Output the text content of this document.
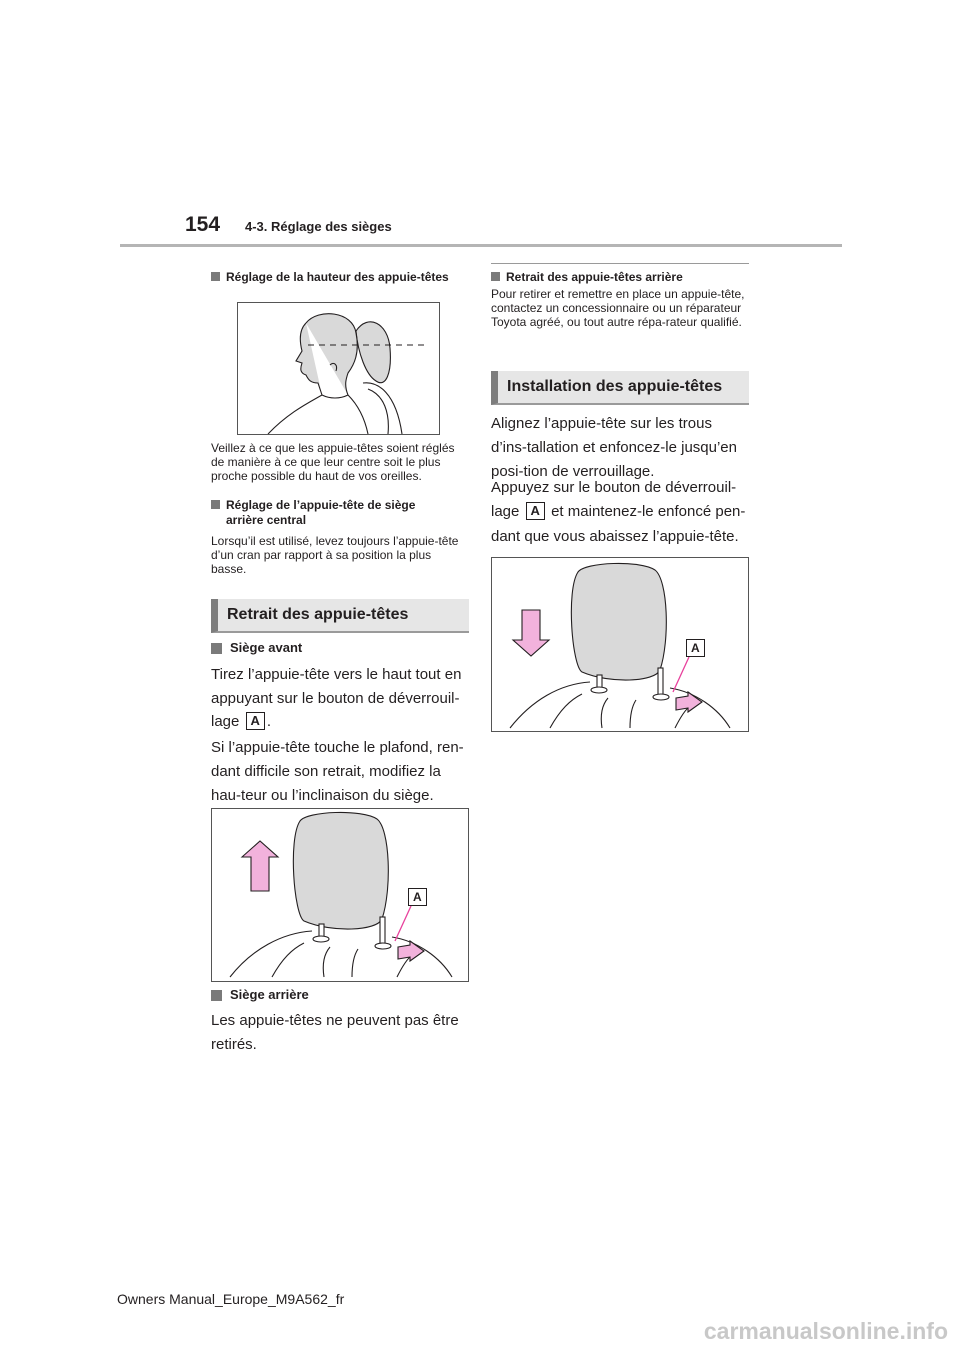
154 4-3. Réglage des sièges
Réglage de la hauteur des appuie-têtes
Veillez à ce que les appuie-têtes soient réglés de manière à ce que leur centre soit le plus proche possible du haut de vos oreilles.
Réglage de l’appuie-tête de siège
arrière central
Lorsqu’il est utilisé, levez toujours l’appuie-tête d’un cran par rapport à sa position la plus basse.
Retrait des appuie-têtes
Siège avant
Tirez l’appuie-tête vers le haut tout en appuyant sur le bouton de déverrouil-
lage A .
Si l’appuie-tête touche le plafond, ren-dant difficile son retrait, modifiez la hau-teur ou l’inclinaison du siège.
A
Siège arrière
Les appuie-têtes ne peuvent pas être retirés.
Retrait des appuie-têtes arrière
Pour retirer et remettre en place un appuie-tête, contactez un concessionnaire ou un réparateur Toyota agréé, ou tout autre répa-rateur qualifié.
Installation des appuie-têtes
Alignez l’appuie-tête sur les trous d’ins-tallation et enfoncez-le jusqu’en posi-tion de verrouillage.
Appuyez sur le bouton de déverrouil-
lage A et maintenez-le enfoncé pen-
dant que vous abaissez l’appuie-tête.
A
Owners Manual_Europe_M9A562_fr
carmanualsonline.info
